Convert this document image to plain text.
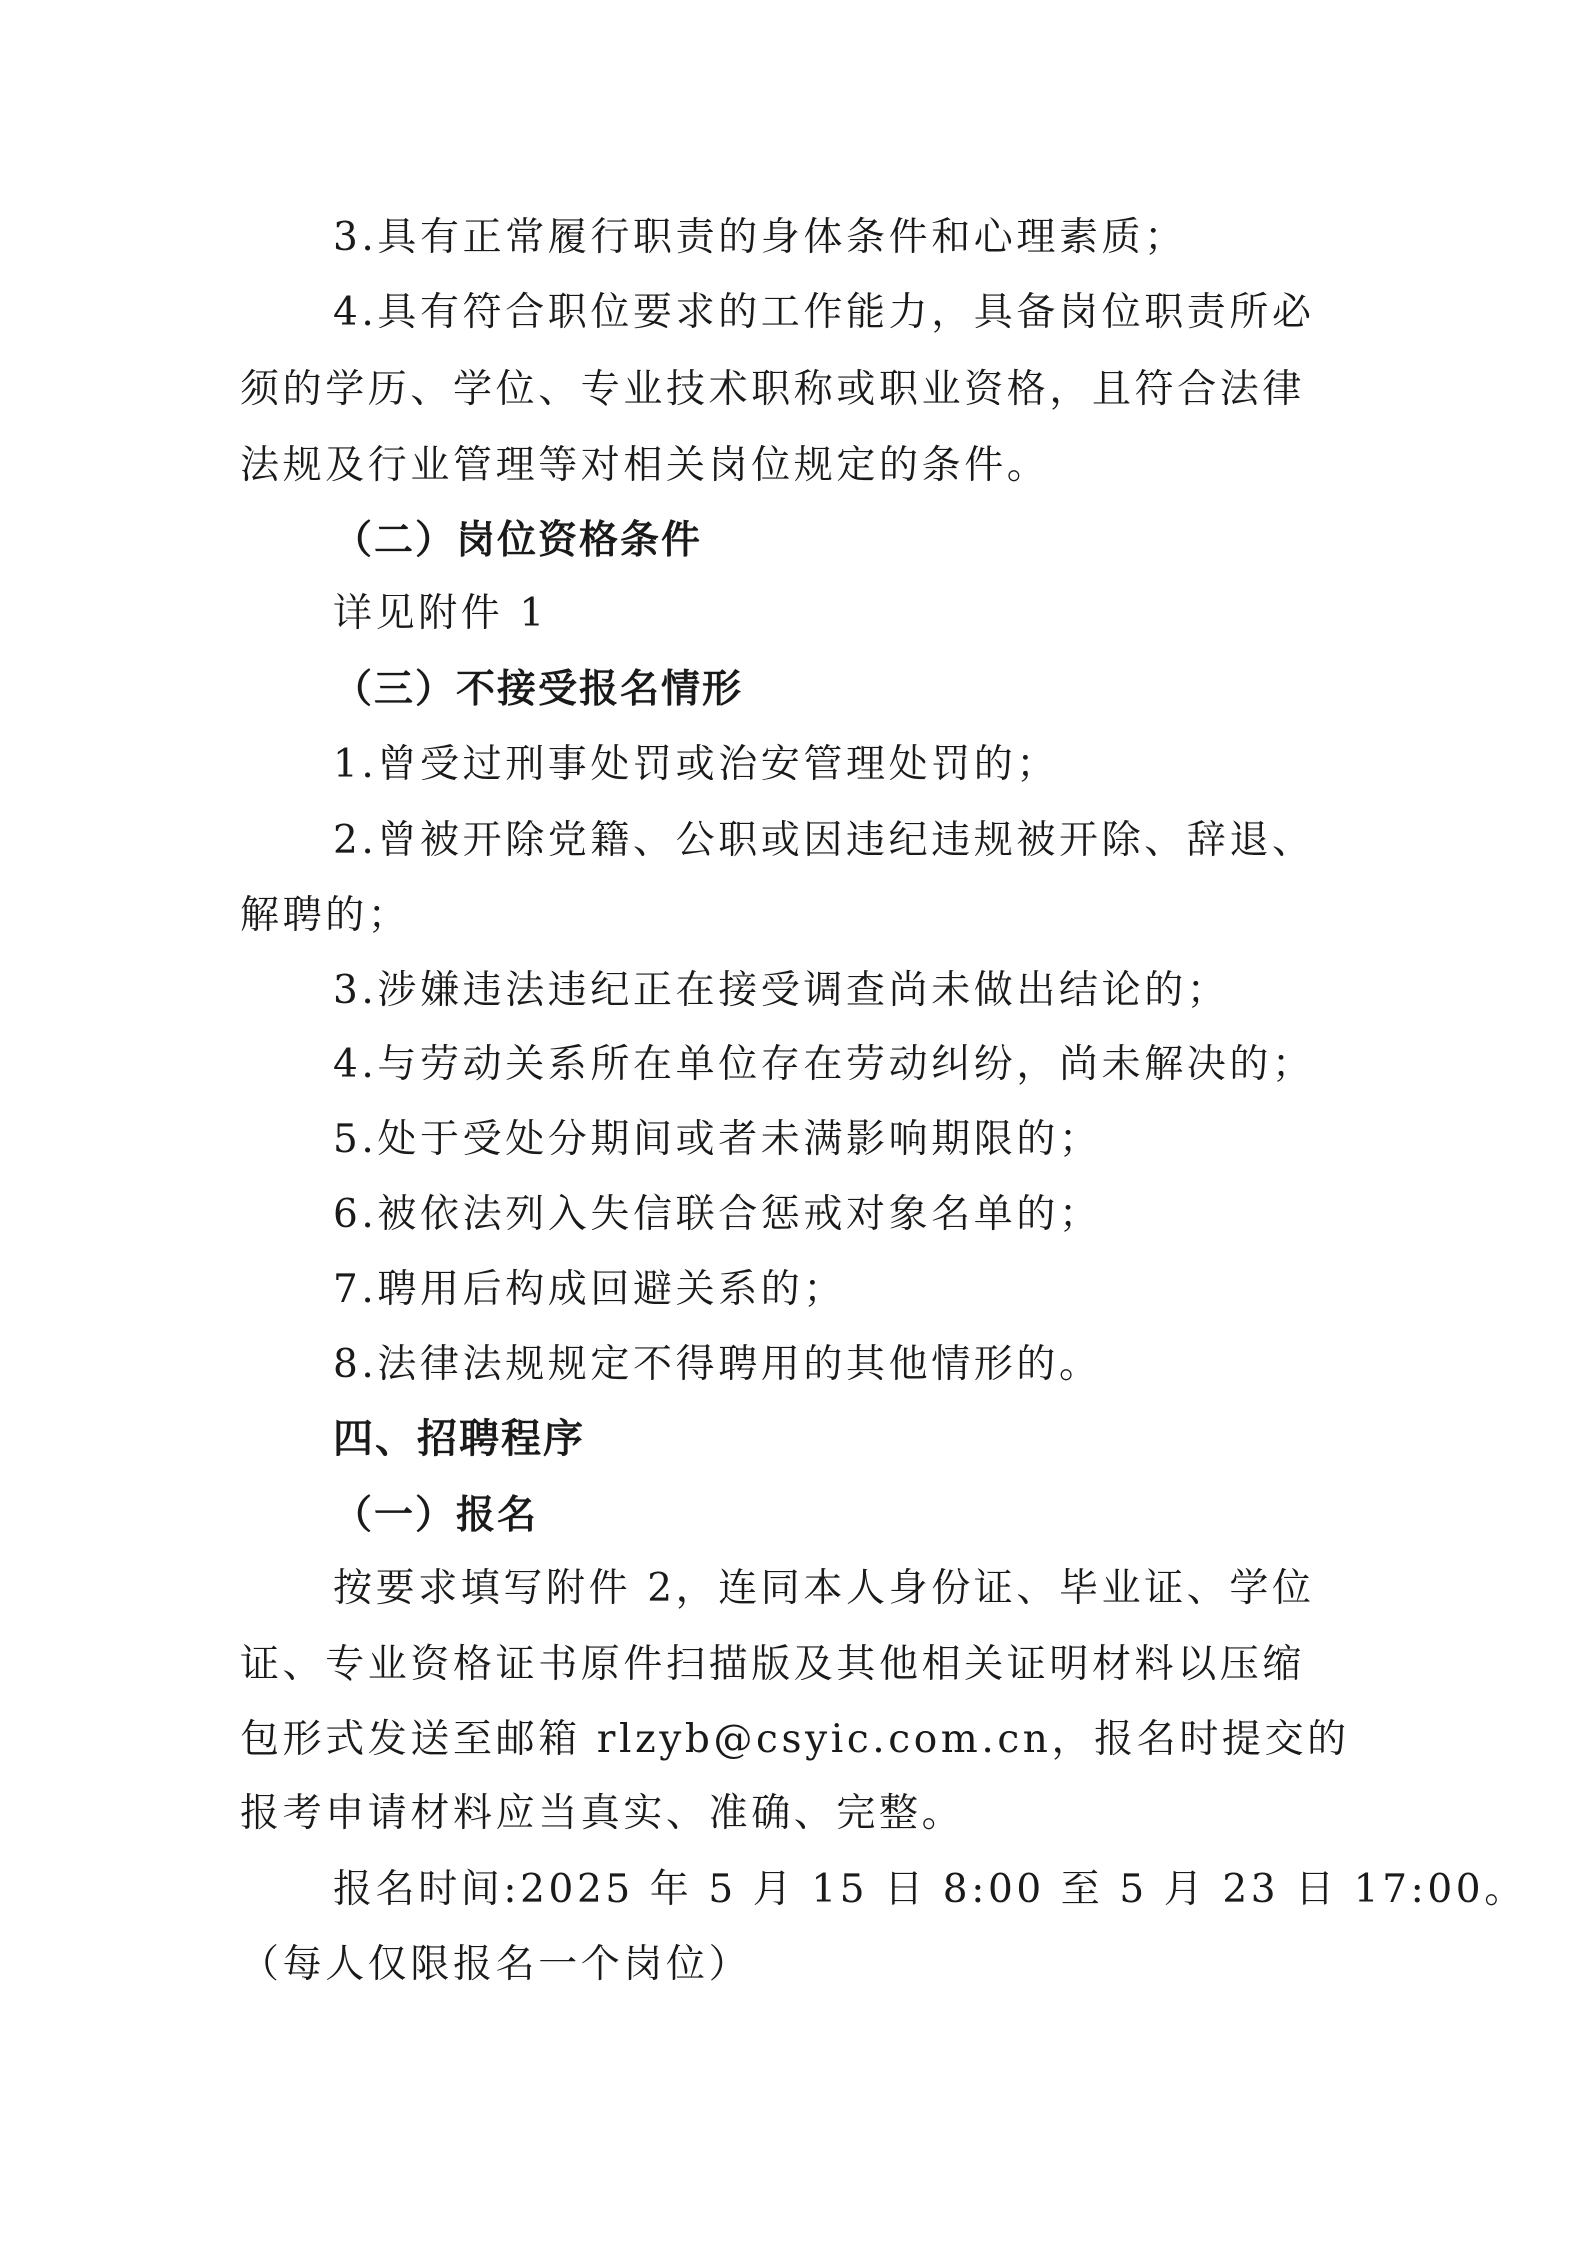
3.具有正常履行职责的身体条件和心理素质；
4.具有符合职位要求的工作能力，具备岗位职责所必
须的学历、学位、专业技术职称或职业资格，且符合法律
法规及行业管理等对相关岗位规定的条件。
（二）岗位资格条件
详见附件 1
（三）不接受报名情形
1.曾受过刑事处罚或治安管理处罚的；
2.曾被开除党籍、公职或因违纪违规被开除、辞退、
解聘的；
3.涉嫌违法违纪正在接受调查尚未做出结论的；
4.与劳动关系所在单位存在劳动纠纷，尚未解决的；
5.处于受处分期间或者未满影响期限的；
6.被依法列入失信联合惩戒对象名单的；
7.聘用后构成回避关系的；
8.法律法规规定不得聘用的其他情形的。
四、招聘程序
（一）报名
按要求填写附件 2，连同本人身份证、毕业证、学位
证、专业资格证书原件扫描版及其他相关证明材料以压缩
包形式发送至邮箱 rlzyb@csyic.com.cn，报名时提交的
报考申请材料应当真实、准确、完整。
报名时间:2025 年 5 月 15 日 8:00 至 5 月 23 日 17:00。
（每人仅限报名一个岗位）
